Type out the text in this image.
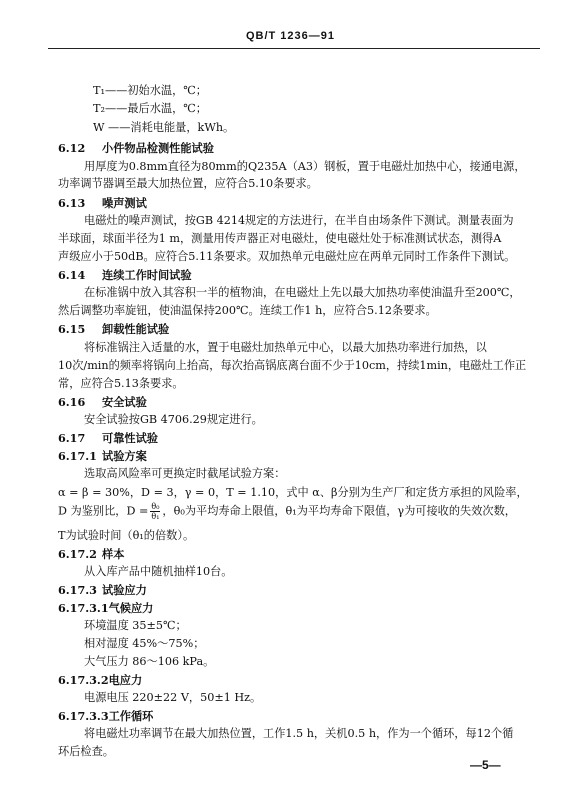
QB/T 1236—91
T₁——初始水温，℃；
T₂——最后水温，℃；
W ——消耗电能量，kWh。
6.12 小件物品检测性能试验
用厚度为0.8mm直径为80mm的Q235A（A3）钢板，置于电磁灶加热中心，接通电源，
功率调节器调至最大加热位置，应符合5.10条要求。
6.13 噪声测试
电磁灶的噪声测试，按GB 4214规定的方法进行，在半自由场条件下测试。测量表面为
半球面，球面半径为1 m，测量用传声器正对电磁灶，使电磁灶处于标准测试状态，测得A
声级应小于50dB。应符合5.11条要求。双加热单元电磁灶应在两单元同时工作条件下测试。
6.14 连续工作时间试验
在标准锅中放入其容积一半的植物油，在电磁灶上先以最大加热功率使油温升至200℃，
然后调整功率旋钮，使油温保持200℃。连续工作1 h，应符合5.12条要求。
6.15 卸载性能试验
将标准锅注入适量的水，置于电磁灶加热单元中心，以最大加热功率进行加热，以
10次/min的频率将锅向上抬高，每次抬高锅底离台面不少于10cm，持续1min，电磁灶工作正
常，应符合5.13条要求。
6.16 安全试验
安全试验按GB 4706.29规定进行。
6.17 可靠性试验
6.17.1 试验方案
选取高风险率可更换定时截尾试验方案：
α = β = 30%，D = 3，γ = 0，T = 1.10，式中 α、β分别为生产厂和定货方承担的风险率，
T为试验时间（θ₁的倍数）。
6.17.2 样本
从入库产品中随机抽样10台。
6.17.3 试验应力
6.17.3.1气候应力
环境温度 35±5℃；
相对湿度 45%～75%；
大气压力 86～106 kPa。
6.17.3.2电应力
电源电压 220±22 V，50±1 Hz。
6.17.3.3工作循环
将电磁灶功率调节在最大加热位置，工作1.5 h，关机0.5 h，作为一个循环，每12个循
环后检查。
D 为鉴别比，$D = \frac{\text{θ₀}}{\text{θ₁}}$ ，θ₀为平均寿命上限值，θ₁为平均寿命下限值，γ为可接收的失效次数，
—5—
